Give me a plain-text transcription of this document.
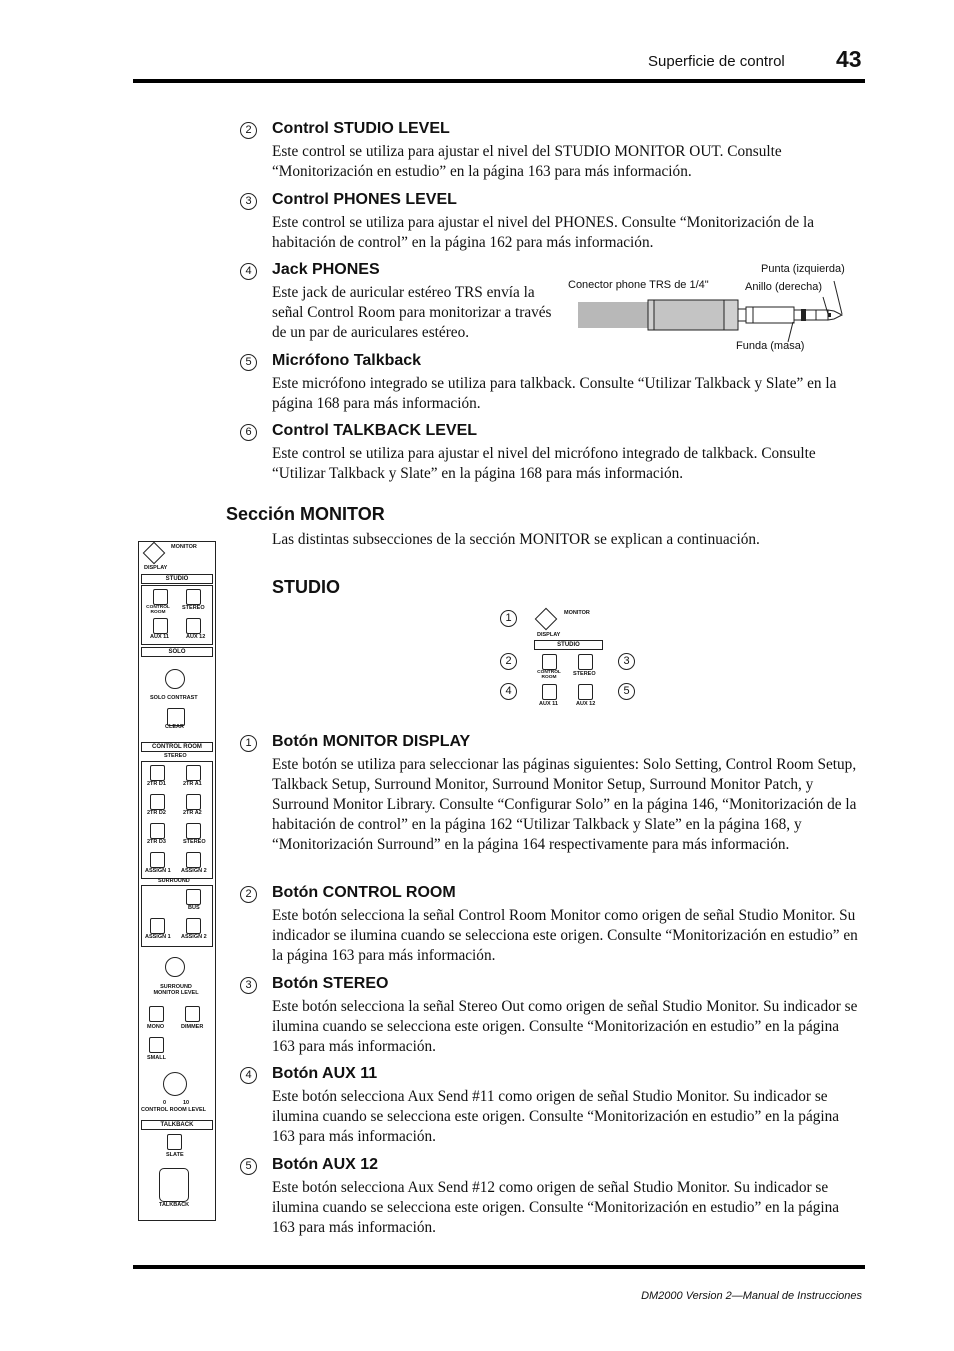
Superficie de control 43
2	Control STUDIO LEVEL
Este control se utiliza para ajustar el nivel del STUDIO MONITOR OUT. Consulte “Monitorización en estudio” en la página 163 para más información.
3	Control PHONES LEVEL
Este control se utiliza para ajustar el nivel del PHONES. Consulte “Monitorización de la habitación de control” en la página 162 para más información.
4	Jack PHONES
Este jack de auricular estéreo TRS envía la señal Control Room para monitorizar a través de un par de auriculares estéreo.
5	Micrófono Talkback
Este micrófono integrado se utiliza para talkback. Consulte “Utilizar Talkback y Slate” en la página 168 para más información.
6	Control TALKBACK LEVEL
Este control se utiliza para ajustar el nivel del micrófono integrado de talkback. Consulte “Utilizar Talkback y Slate” en la página 168 para más información.
Conector phone TRS de 1/4"
Punta (izquierda)
Anillo (derecha)
Funda (masa)
Sección MONITOR
Las distintas subsecciones de la sección MONITOR se explican a continuación.
STUDIO
MONITOR
DISPLAY
STUDIO
CONTROL ROOM
STEREO
AUX 11	AUX 12
SOLO
SOLO CONTRAST
CLEAR
CONTROL ROOM
STEREO
2TR D1	2TR A1
2TR D2	2TR A2
2TR D3	STEREO
ASSIGN 1 ASSIGN 2
SURROUND
BUS
ASSIGN 1 ASSIGN 2
SURROUND MONITOR LEVEL
MONO	DIMMER
SMALL
0	10
CONTROL ROOM LEVEL
TALKBACK
SLATE
TALKBACK
1
2
4
3
5
MONITOR
DISPLAY
STUDIO
CONTROL ROOM
STEREO
AUX 11	AUX 12
1	Botón MONITOR DISPLAY
Este botón se utiliza para seleccionar las páginas siguientes: Solo Setting, Control Room Setup, Talkback Setup, Surround Monitor, Surround Monitor Setup, Surround Monitor Patch, y Surround Monitor Library. Consulte “Configurar Solo” en la página 146, “Monitorización de la habitación de control” en la página 162 “Utilizar Talkback y Slate” en la página 168, y “Monitorización Surround” en la página 164 respectivamente para más información.
2	Botón CONTROL ROOM
Este botón selecciona la señal Control Room Monitor como origen de señal Studio Monitor. Su indicador se ilumina cuando se selecciona este origen. Consulte “Monitorización en estudio” en la página 163 para más información.
3	Botón STEREO
Este botón selecciona la señal Stereo Out como origen de señal Studio Monitor. Su indicador se ilumina cuando se selecciona este origen. Consulte “Monitorización en estudio” en la página 163 para más información.
4	Botón AUX 11
Este botón selecciona Aux Send #11 como origen de señal Studio Monitor. Su indicador se ilumina cuando se selecciona este origen. Consulte “Monitorización en estudio” en la página 163 para más información.
5	Botón AUX 12
Este botón selecciona Aux Send #12 como origen de señal Studio Monitor. Su indicador se ilumina cuando se selecciona este origen. Consulte “Monitorización en estudio” en la página 163 para más información.
DM2000 Version 2—Manual de Instrucciones
